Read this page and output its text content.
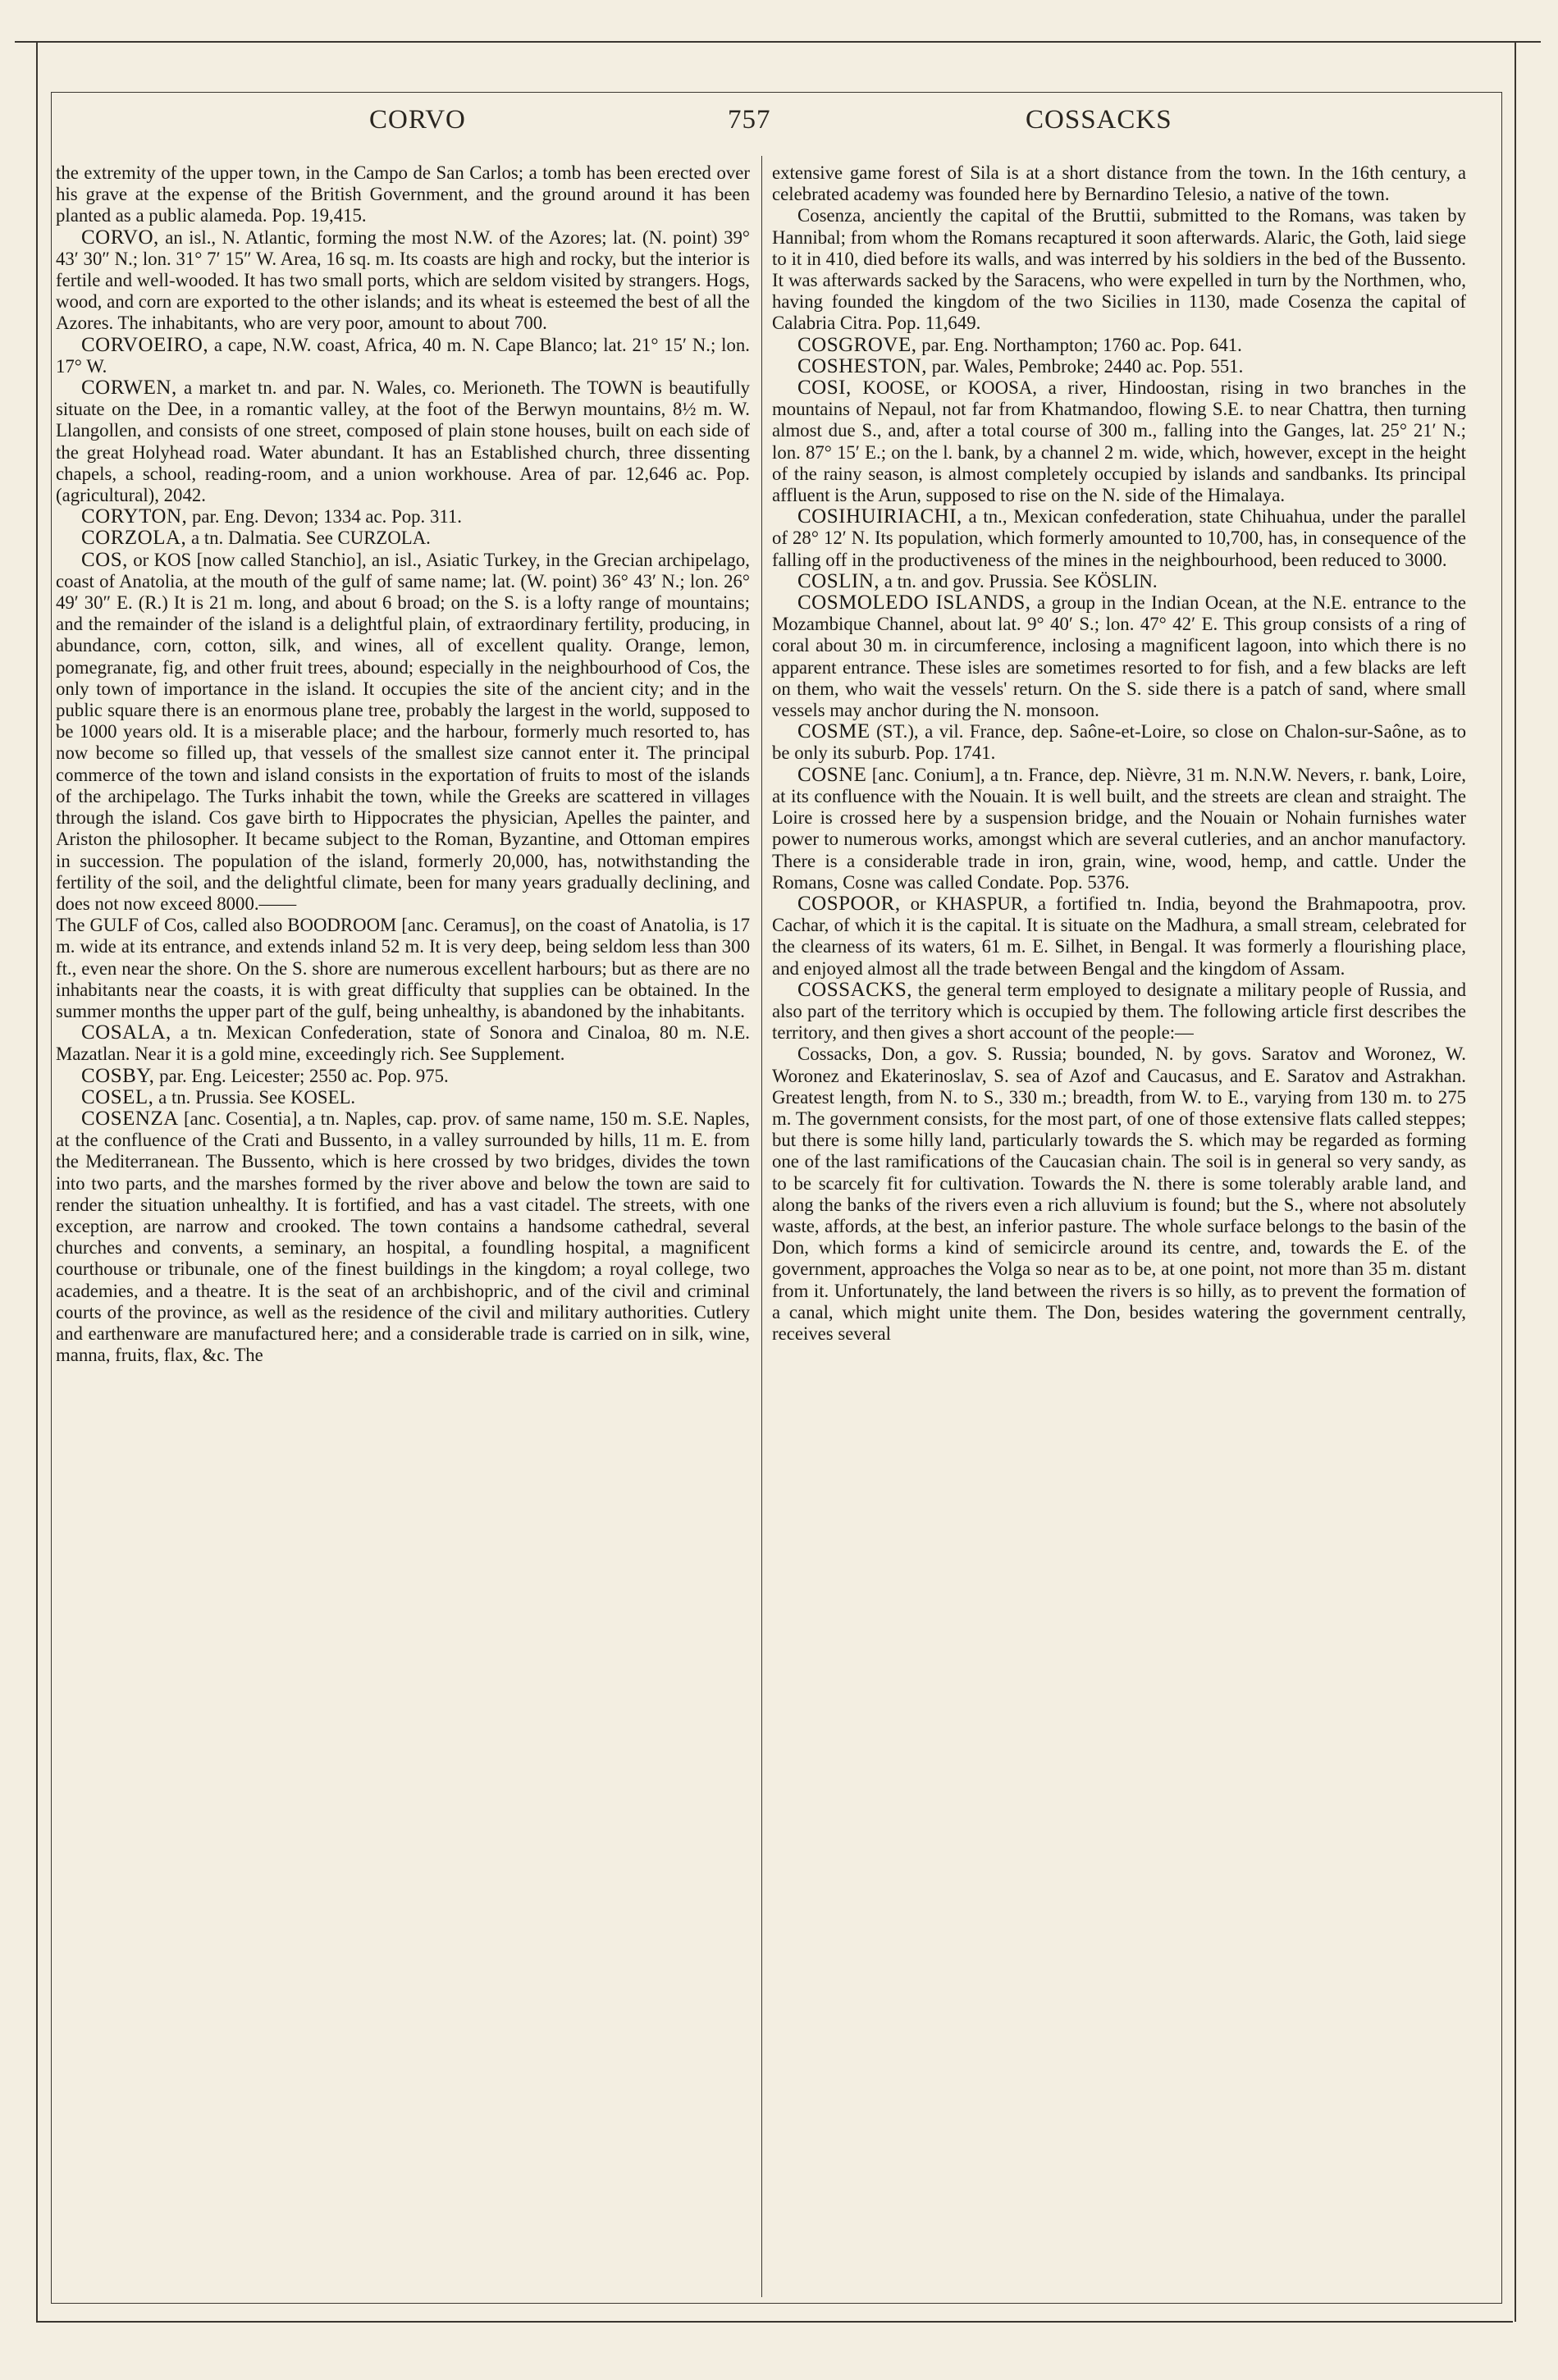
CORVO	757	COSSACKS

the extremity of the upper town, in the Campo de San Carlos; a tomb has been erected over his grave at the expense of the British Government, and the ground around it has been planted as a public alameda. Pop. 19,415.

CORVO, an isl., N. Atlantic, forming the most N.W. of the Azores; lat. (N. point) 39° 43′ 30″ N.; lon. 31° 7′ 15″ W. Area, 16 sq. m. Its coasts are high and rocky, but the interior is fertile and well-wooded. It has two small ports, which are seldom visited by strangers. Hogs, wood, and corn are exported to the other islands; and its wheat is esteemed the best of all the Azores. The inhabitants, who are very poor, amount to about 700.

CORVOEIRO, a cape, N.W. coast, Africa, 40 m. N. Cape Blanco; lat. 21° 15′ N.; lon. 17° W.

CORWEN, a market tn. and par. N. Wales, co. Merioneth. The TOWN is beautifully situate on the Dee, in a romantic valley, at the foot of the Berwyn mountains, 8½ m. W. Llangollen, and consists of one street, composed of plain stone houses, built on each side of the great Holyhead road. Water abundant. It has an Established church, three dissenting chapels, a school, reading-room, and a union workhouse. Area of par. 12,646 ac. Pop. (agricultural), 2042.

CORYTON, par. Eng. Devon; 1334 ac. Pop. 311.

CORZOLA, a tn. Dalmatia. See CURZOLA.

COS, or KOS [now called Stanchio], an isl., Asiatic Turkey, in the Grecian archipelago, coast of Anatolia, at the mouth of the gulf of same name; lat. (W. point) 36° 43′ N.; lon. 26° 49′ 30″ E. (R.) It is 21 m. long, and about 6 broad; on the S. is a lofty range of mountains; and the remainder of the island is a delightful plain, of extraordinary fertility, producing, in abundance, corn, cotton, silk, and wines, all of excellent quality. Orange, lemon, pomegranate, fig, and other fruit trees, abound; especially in the neighbourhood of Cos, the only town of importance in the island. It occupies the site of the ancient city; and in the public square there is an enormous plane tree, probably the largest in the world, supposed to be 1000 years old. It is a miserable place; and the harbour, formerly much resorted to, has now become so filled up, that vessels of the smallest size cannot enter it. The principal commerce of the town and island consists in the exportation of fruits to most of the islands of the archipelago. The Turks inhabit the town, while the Greeks are scattered in villages through the island. Cos gave birth to Hippocrates the physician, Apelles the painter, and Ariston the philosopher. It became subject to the Roman, Byzantine, and Ottoman empires in succession. The population of the island, formerly 20,000, has, notwithstanding the fertility of the soil, and the delightful climate, been for many years gradually declining, and does not now exceed 8000.——

The GULF of Cos, called also BOODROOM [anc. Ceramus], on the coast of Anatolia, is 17 m. wide at its entrance, and extends inland 52 m. It is very deep, being seldom less than 300 ft., even near the shore. On the S. shore are numerous excellent harbours; but as there are no inhabitants near the coasts, it is with great difficulty that supplies can be obtained. In the summer months the upper part of the gulf, being unhealthy, is abandoned by the inhabitants.

COSALA, a tn. Mexican Confederation, state of Sonora and Cinaloa, 80 m. N.E. Mazatlan. Near it is a gold mine, exceedingly rich. See Supplement.

COSBY, par. Eng. Leicester; 2550 ac. Pop. 975.

COSEL, a tn. Prussia. See KOSEL.

COSENZA [anc. Cosentia], a tn. Naples, cap. prov. of same name, 150 m. S.E. Naples, at the confluence of the Crati and Bussento, in a valley surrounded by hills, 11 m. E. from the Mediterranean. The Bussento, which is here crossed by two bridges, divides the town into two parts, and the marshes formed by the river above and below the town are said to render the situation unhealthy. It is fortified, and has a vast citadel. The streets, with one exception, are narrow and crooked. The town contains a handsome cathedral, several churches and convents, a seminary, an hospital, a foundling hospital, a magnificent courthouse or tribunale, one of the finest buildings in the kingdom; a royal college, two academies, and a theatre. It is the seat of an archbishopric, and of the civil and criminal courts of the province, as well as the residence of the civil and military authorities. Cutlery and earthenware are manufactured here; and a considerable trade is carried on in silk, wine, manna, fruits, flax, &c. The

extensive game forest of Sila is at a short distance from the town. In the 16th century, a celebrated academy was founded here by Bernardino Telesio, a native of the town.

Cosenza, anciently the capital of the Bruttii, submitted to the Romans, was taken by Hannibal; from whom the Romans recaptured it soon afterwards. Alaric, the Goth, laid siege to it in 410, died before its walls, and was interred by his soldiers in the bed of the Bussento. It was afterwards sacked by the Saracens, who were expelled in turn by the Northmen, who, having founded the kingdom of the two Sicilies in 1130, made Cosenza the capital of Calabria Citra. Pop. 11,649.

COSGROVE, par. Eng. Northampton; 1760 ac. Pop. 641.

COSHESTON, par. Wales, Pembroke; 2440 ac. Pop. 551.

COSI, KOOSE, or KOOSA, a river, Hindoostan, rising in two branches in the mountains of Nepaul, not far from Khatmandoo, flowing S.E. to near Chattra, then turning almost due S., and, after a total course of 300 m., falling into the Ganges, lat. 25° 21′ N.; lon. 87° 15′ E.; on the l. bank, by a channel 2 m. wide, which, however, except in the height of the rainy season, is almost completely occupied by islands and sandbanks. Its principal affluent is the Arun, supposed to rise on the N. side of the Himalaya.

COSIHUIRIACHI, a tn., Mexican confederation, state Chihuahua, under the parallel of 28° 12′ N. Its population, which formerly amounted to 10,700, has, in consequence of the falling off in the productiveness of the mines in the neighbourhood, been reduced to 3000.

COSLIN, a tn. and gov. Prussia. See KÖSLIN.

COSMOLEDO ISLANDS, a group in the Indian Ocean, at the N.E. entrance to the Mozambique Channel, about lat. 9° 40′ S.; lon. 47° 42′ E. This group consists of a ring of coral about 30 m. in circumference, inclosing a magnificent lagoon, into which there is no apparent entrance. These isles are sometimes resorted to for fish, and a few blacks are left on them, who wait the vessels' return. On the S. side there is a patch of sand, where small vessels may anchor during the N. monsoon.

COSME (ST.), a vil. France, dep. Saône-et-Loire, so close on Chalon-sur-Saône, as to be only its suburb. Pop. 1741.

COSNE [anc. Conium], a tn. France, dep. Nièvre, 31 m. N.N.W. Nevers, r. bank, Loire, at its confluence with the Nouain. It is well built, and the streets are clean and straight. The Loire is crossed here by a suspension bridge, and the Nouain or Nohain furnishes water power to numerous works, amongst which are several cutleries, and an anchor manufactory. There is a considerable trade in iron, grain, wine, wood, hemp, and cattle. Under the Romans, Cosne was called Condate. Pop. 5376.

COSPOOR, or KHASPUR, a fortified tn. India, beyond the Brahmapootra, prov. Cachar, of which it is the capital. It is situate on the Madhura, a small stream, celebrated for the clearness of its waters, 61 m. E. Silhet, in Bengal. It was formerly a flourishing place, and enjoyed almost all the trade between Bengal and the kingdom of Assam.

COSSACKS, the general term employed to designate a military people of Russia, and also part of the territory which is occupied by them. The following article first describes the territory, and then gives a short account of the people:—

Cossacks, Don, a gov. S. Russia; bounded, N. by govs. Saratov and Woronez, W. Woronez and Ekaterinoslav, S. sea of Azof and Caucasus, and E. Saratov and Astrakhan. Greatest length, from N. to S., 330 m.; breadth, from W. to E., varying from 130 m. to 275 m. The government consists, for the most part, of one of those extensive flats called steppes; but there is some hilly land, particularly towards the S. which may be regarded as forming one of the last ramifications of the Caucasian chain. The soil is in general so very sandy, as to be scarcely fit for cultivation. Towards the N. there is some tolerably arable land, and along the banks of the rivers even a rich alluvium is found; but the S., where not absolutely waste, affords, at the best, an inferior pasture. The whole surface belongs to the basin of the Don, which forms a kind of semicircle around its centre, and, towards the E. of the government, approaches the Volga so near as to be, at one point, not more than 35 m. distant from it. Unfortunately, the land between the rivers is so hilly, as to prevent the formation of a canal, which might unite them. The Don, besides watering the government centrally, receives several
